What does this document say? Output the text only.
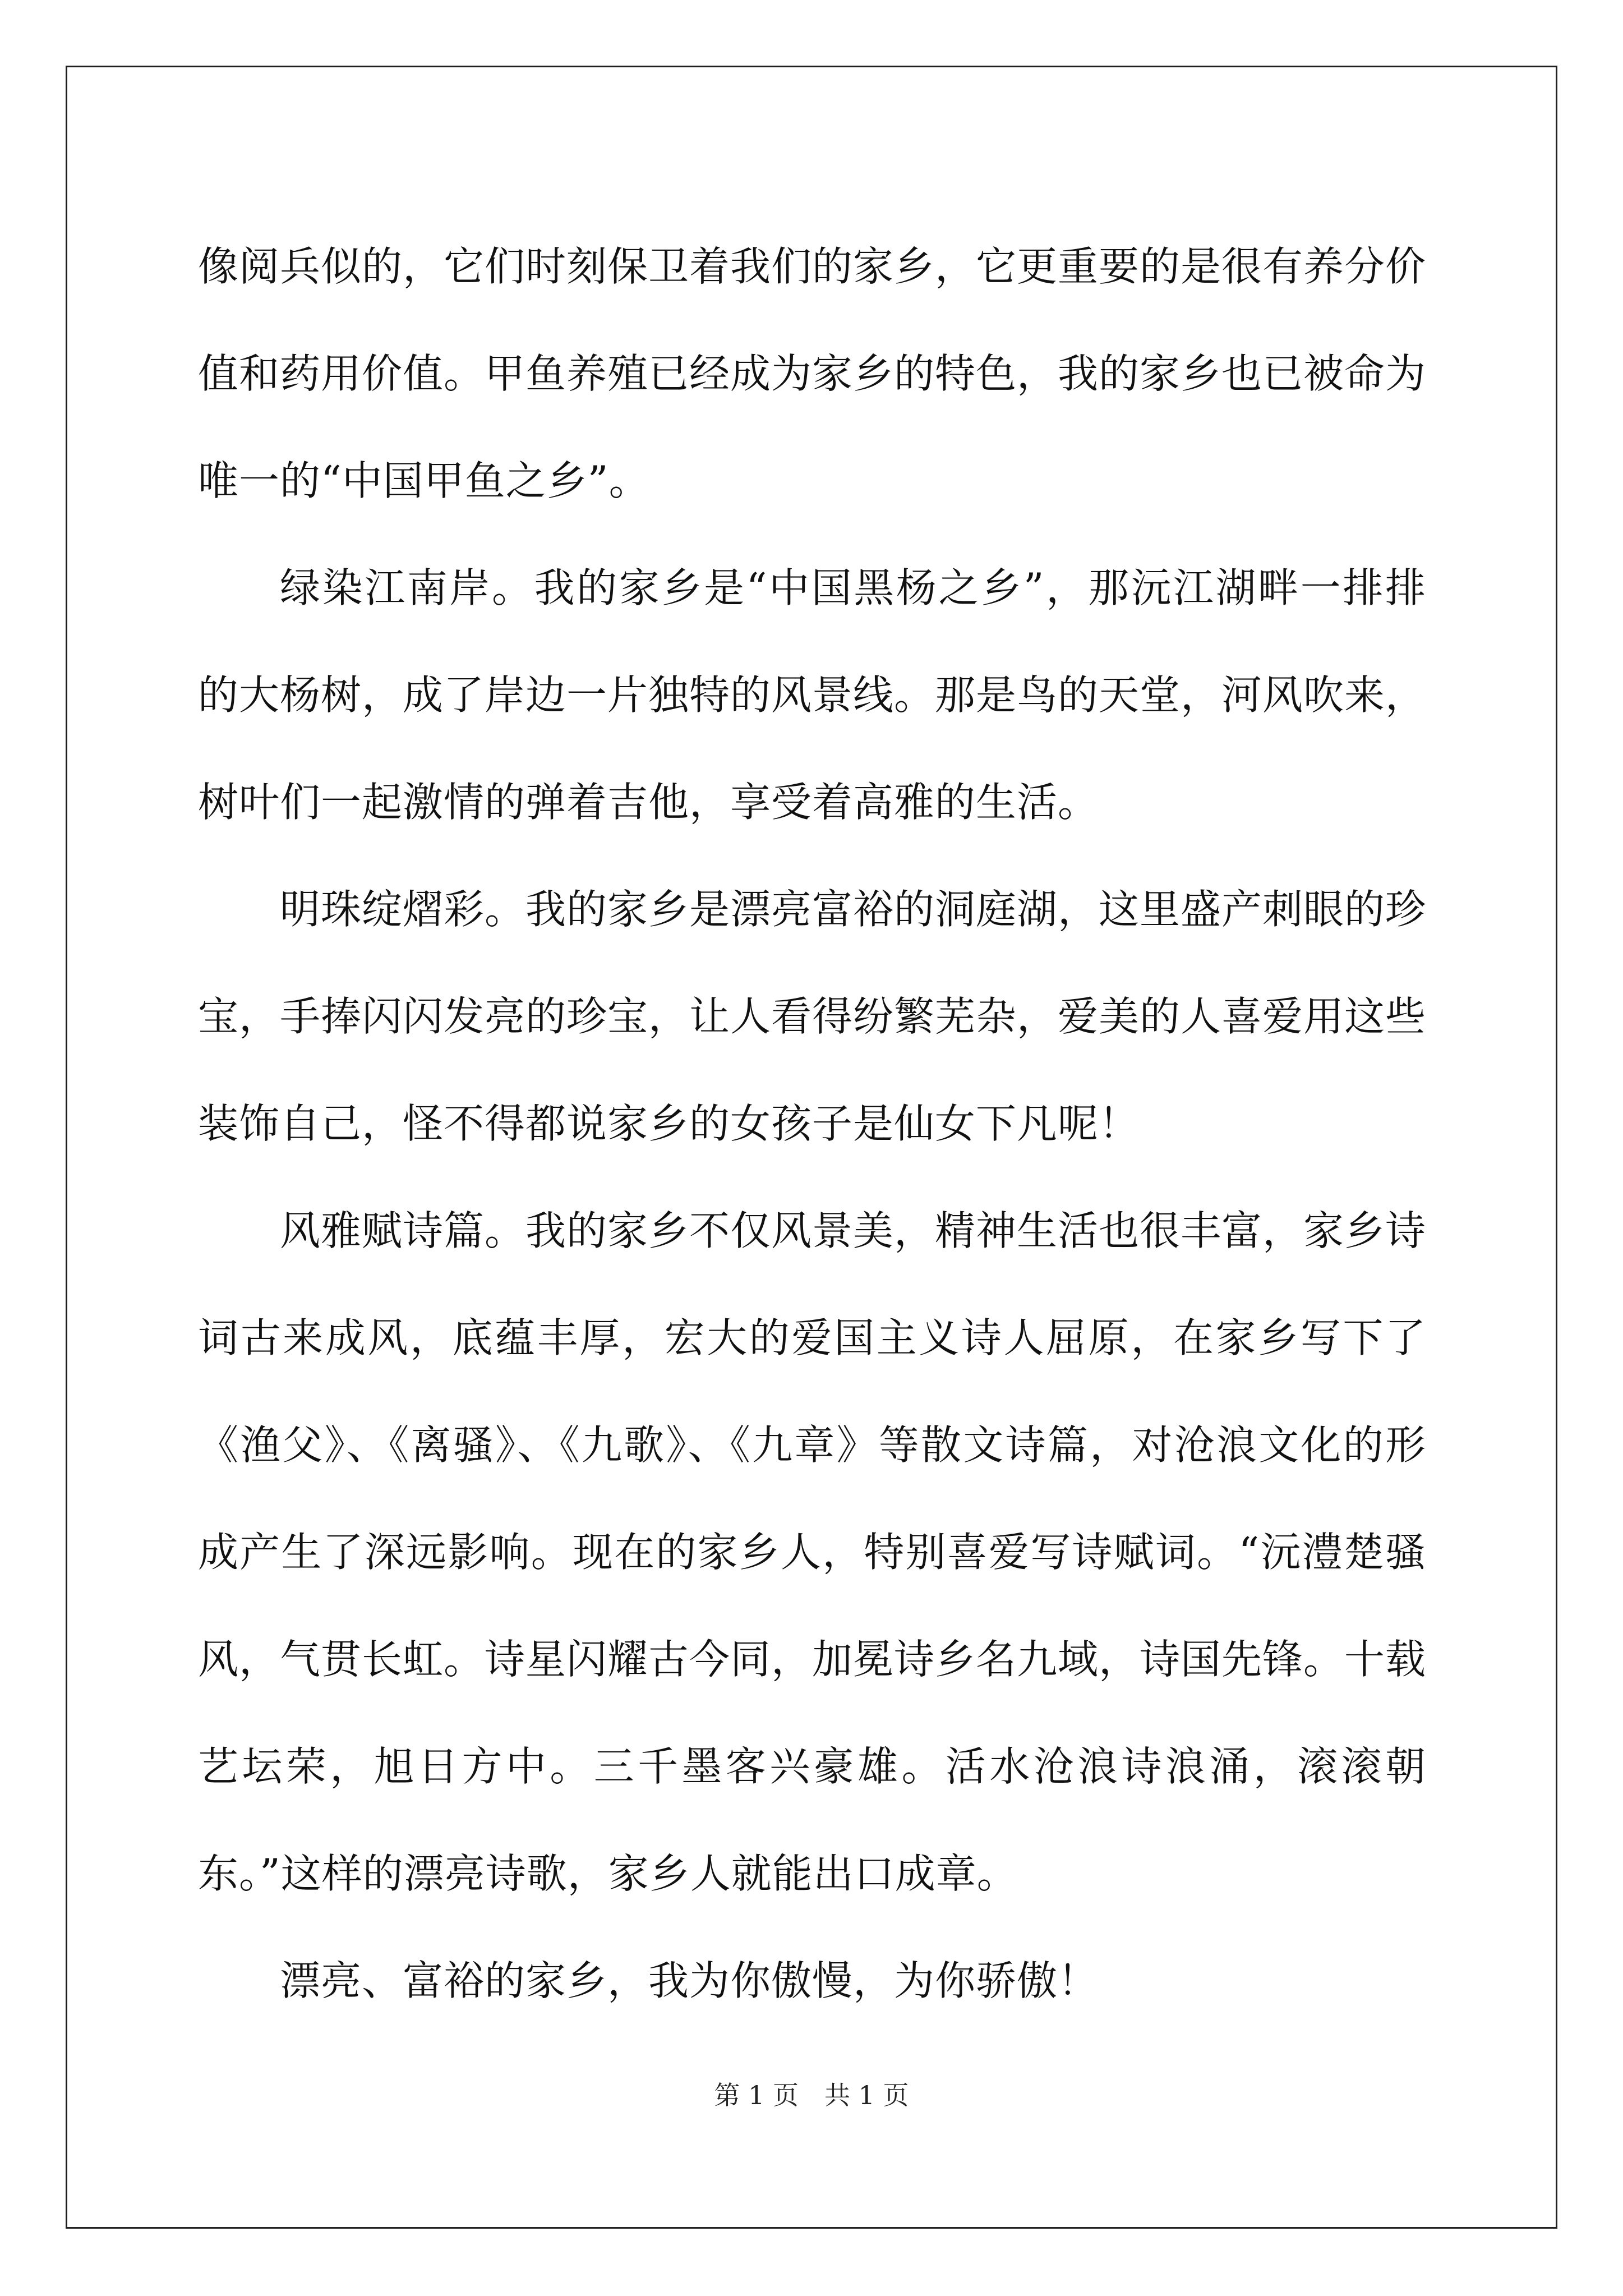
像阅兵似的，它们时刻保卫着我们的家乡，它更重要的是很有养分价值和药用价值。甲鱼养殖已经成为家乡的特色，我的家乡也已被命为唯一的“中国甲鱼之乡”。

绿染江南岸。我的家乡是“中国黑杨之乡”，那沅江湖畔一排排的大杨树，成了岸边一片独特的风景线。那是鸟的天堂，河风吹来，树叶们一起激情的弹着吉他，享受着高雅的生活。

明珠绽熠彩。我的家乡是漂亮富裕的洞庭湖，这里盛产刺眼的珍宝，手捧闪闪发亮的珍宝，让人看得纷繁芜杂，爱美的人喜爱用这些装饰自己，怪不得都说家乡的女孩子是仙女下凡呢！

风雅赋诗篇。我的家乡不仅风景美，精神生活也很丰富，家乡诗词古来成风，底蕴丰厚，宏大的爱国主义诗人屈原，在家乡写下了《渔父》、《离骚》、《九歌》、《九章》等散文诗篇，对沧浪文化的形成产生了深远影响。现在的家乡人，特别喜爱写诗赋词。“沅澧楚骚风，气贯长虹。诗星闪耀古今同，加冕诗乡名九域，诗国先锋。十载艺坛荣，旭日方中。三千墨客兴豪雄。活水沧浪诗浪涌，滚滚朝东。”这样的漂亮诗歌，家乡人就能出口成章。

漂亮、富裕的家乡，我为你傲慢，为你骄傲！

第 1 页 共 1 页
